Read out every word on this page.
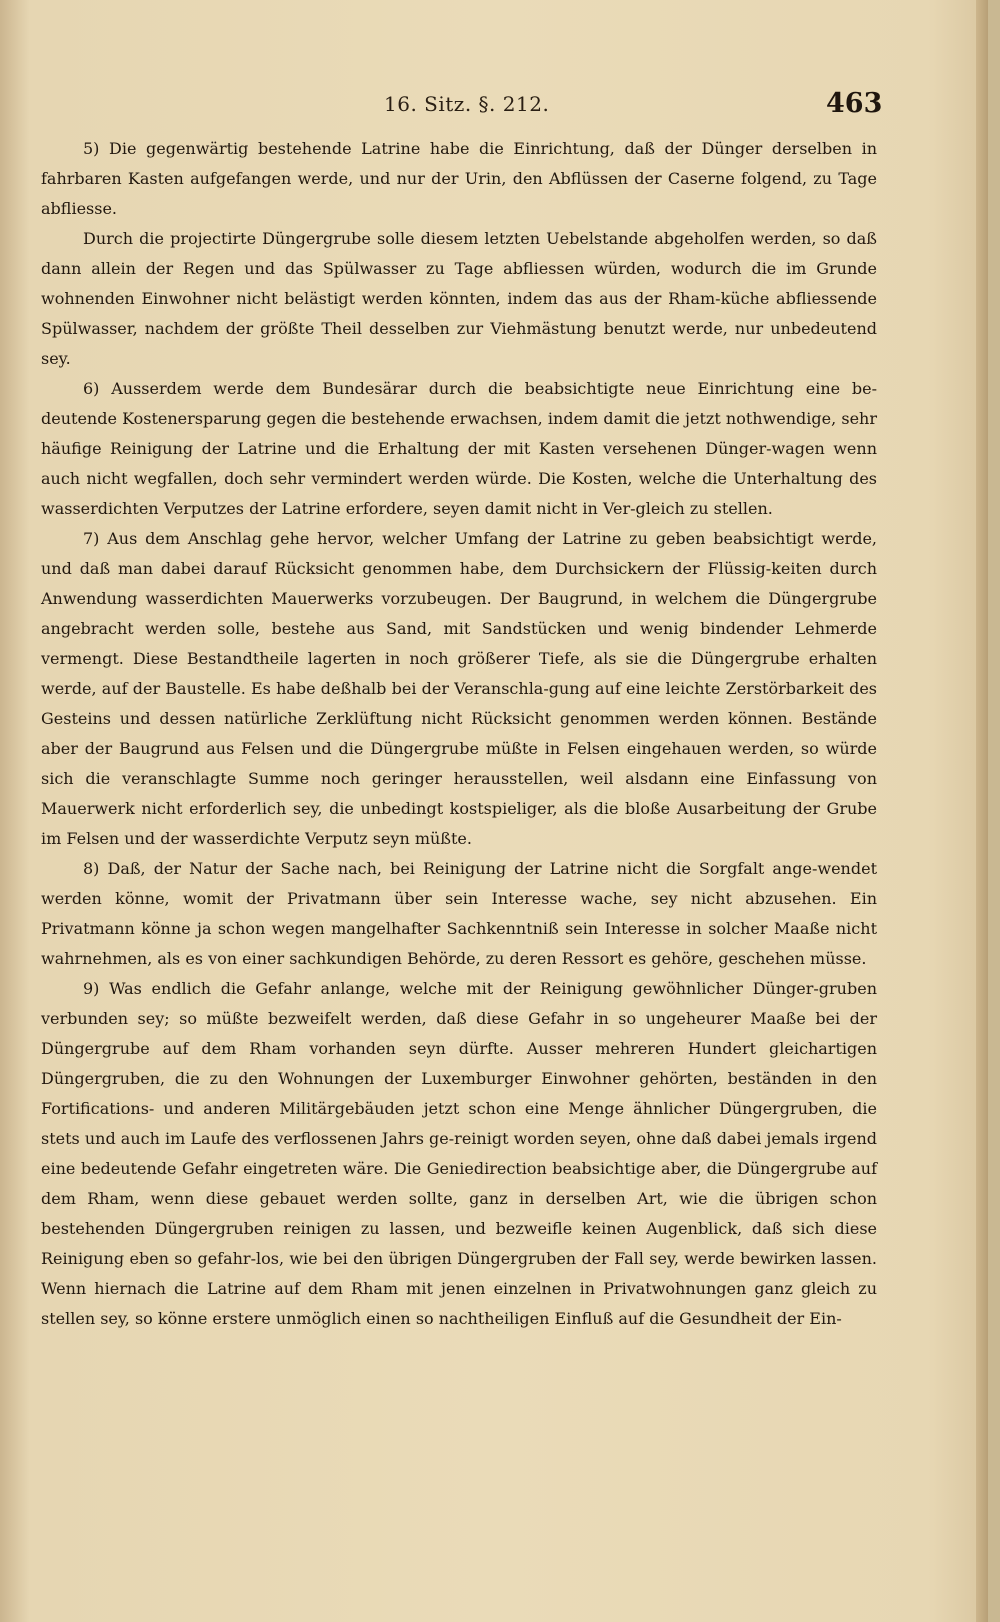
16. Sitz. §. 212.	463

5) Die gegenwärtig bestehende Latrine habe die Einrichtung, daß der Dünger derselben in fahrbaren Kasten aufgefangen werde, und nur der Urin, den Abflüssen der Caserne folgend, zu Tage abfliesse.

Durch die projectirte Düngergrube solle diesem letzten Uebelstande abgeholfen werden, so daß dann allein der Regen und das Spülwasser zu Tage abfliessen würden, wodurch die im Grunde wohnenden Einwohner nicht belästigt werden könnten, indem das aus der Rham-küche abfliessende Spülwasser, nachdem der größte Theil desselben zur Viehmästung benutzt werde, nur unbedeutend sey.

6) Ausserdem werde dem Bundesärar durch die beabsichtigte neue Einrichtung eine be-deutende Kostenersparung gegen die bestehende erwachsen, indem damit die jetzt nothwendige, sehr häufige Reinigung der Latrine und die Erhaltung der mit Kasten versehenen Dünger-wagen wenn auch nicht wegfallen, doch sehr vermindert werden würde. Die Kosten, welche die Unterhaltung des wasserdichten Verputzes der Latrine erfordere, seyen damit nicht in Ver-gleich zu stellen.

7) Aus dem Anschlag gehe hervor, welcher Umfang der Latrine zu geben beabsichtigt werde, und daß man dabei darauf Rücksicht genommen habe, dem Durchsickern der Flüssig-keiten durch Anwendung wasserdichten Mauerwerks vorzubeugen. Der Baugrund, in welchem die Düngergrube angebracht werden solle, bestehe aus Sand, mit Sandstücken und wenig bindender Lehmerde vermengt. Diese Bestandtheile lagerten in noch größerer Tiefe, als sie die Düngergrube erhalten werde, auf der Baustelle. Es habe deßhalb bei der Veranschla-gung auf eine leichte Zerstörbarkeit des Gesteins und dessen natürliche Zerklüftung nicht Rücksicht genommen werden können. Bestände aber der Baugrund aus Felsen und die Düngergrube müßte in Felsen eingehauen werden, so würde sich die veranschlagte Summe noch geringer herausstellen, weil alsdann eine Einfassung von Mauerwerk nicht erforderlich sey, die unbedingt kostspieliger, als die bloße Ausarbeitung der Grube im Felsen und der wasserdichte Verputz seyn müßte.

8) Daß, der Natur der Sache nach, bei Reinigung der Latrine nicht die Sorgfalt ange-wendet werden könne, womit der Privatmann über sein Interesse wache, sey nicht abzusehen. Ein Privatmann könne ja schon wegen mangelhafter Sachkenntniß sein Interesse in solcher Maaße nicht wahrnehmen, als es von einer sachkundigen Behörde, zu deren Ressort es gehöre, geschehen müsse.

9) Was endlich die Gefahr anlange, welche mit der Reinigung gewöhnlicher Dünger-gruben verbunden sey; so müßte bezweifelt werden, daß diese Gefahr in so ungeheurer Maaße bei der Düngergrube auf dem Rham vorhanden seyn dürfte. Ausser mehreren Hundert gleichartigen Düngergruben, die zu den Wohnungen der Luxemburger Einwohner gehörten, beständen in den Fortifications- und anderen Militärgebäuden jetzt schon eine Menge ähnlicher Düngergruben, die stets und auch im Laufe des verflossenen Jahrs ge-reinigt worden seyen, ohne daß dabei jemals irgend eine bedeutende Gefahr eingetreten wäre. Die Geniedirection beabsichtige aber, die Düngergrube auf dem Rham, wenn diese gebauet werden sollte, ganz in derselben Art, wie die übrigen schon bestehenden Düngergruben reinigen zu lassen, und bezweifle keinen Augenblick, daß sich diese Reinigung eben so gefahr-los, wie bei den übrigen Düngergruben der Fall sey, werde bewirken lassen. Wenn hiernach die Latrine auf dem Rham mit jenen einzelnen in Privatwohnungen ganz gleich zu stellen sey, so könne erstere unmöglich einen so nachtheiligen Einfluß auf die Gesundheit der Ein-
